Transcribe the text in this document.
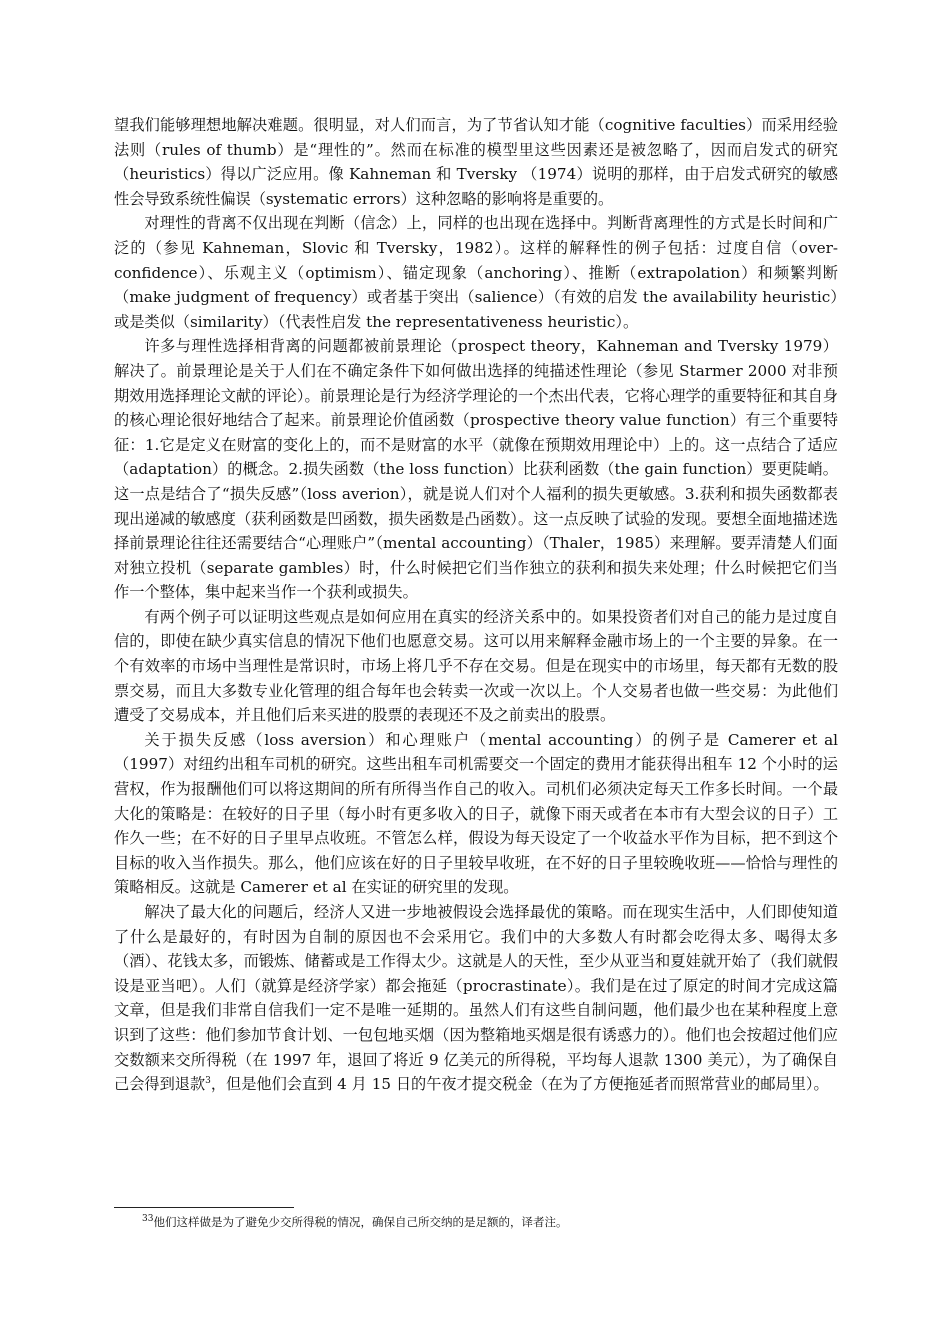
望我们能够理想地解决难题。很明显，对人们而言，为了节省认知才能（cognitive faculties）而采用经验法则（rules of thumb）是“理性的”。然而在标准的模型里这些因素还是被忽略了，因而启发式的研究（heuristics）得以广泛应用。像 Kahneman 和 Tversky （1974）说明的那样，由于启发式研究的敏感性会导致系统性偏误（systematic errors）这种忽略的影响将是重要的。

对理性的背离不仅出现在判断（信念）上，同样的也出现在选择中。判断背离理性的方式是长时间和广泛的（参见 Kahneman，Slovic 和 Tversky，1982）。这样的解释性的例子包括：过度自信（over-confidence）、乐观主义（optimism）、锚定现象（anchoring）、推断（extrapolation）和频繁判断（make judgment of frequency）或者基于突出（salience）（有效的启发 the availability heuristic）或是类似（similarity）（代表性启发 the representativeness heuristic）。

许多与理性选择相背离的问题都被前景理论（prospect theory，Kahneman and Tversky 1979）解决了。前景理论是关于人们在不确定条件下如何做出选择的纯描述性理论（参见 Starmer 2000 对非预期效用选择理论文献的评论）。前景理论是行为经济学理论的一个杰出代表，它将心理学的重要特征和其自身的核心理论很好地结合了起来。前景理论价值函数（prospective theory value function）有三个重要特征：1.它是定义在财富的变化上的，而不是财富的水平（就像在预期效用理论中）上的。这一点结合了适应（adaptation）的概念。2.损失函数（the loss function）比获利函数（the gain function）要更陡峭。这一点是结合了“损失反感”（loss averion），就是说人们对个人福利的损失更敏感。3.获利和损失函数都表现出递减的敏感度（获利函数是凹函数，损失函数是凸函数）。这一点反映了试验的发现。要想全面地描述选择前景理论往往还需要结合“心理账户”（mental accounting）（Thaler，1985）来理解。要弄清楚人们面对独立投机（separate gambles）时，什么时候把它们当作独立的获利和损失来处理；什么时候把它们当作一个整体，集中起来当作一个获利或损失。

有两个例子可以证明这些观点是如何应用在真实的经济关系中的。如果投资者们对自己的能力是过度自信的，即使在缺少真实信息的情况下他们也愿意交易。这可以用来解释金融市场上的一个主要的异象。在一个有效率的市场中当理性是常识时，市场上将几乎不存在交易。但是在现实中的市场里，每天都有无数的股票交易，而且大多数专业化管理的组合每年也会转卖一次或一次以上。个人交易者也做一些交易：为此他们遭受了交易成本，并且他们后来买进的股票的表现还不及之前卖出的股票。

关于损失反感（loss aversion）和心理账户（mental accounting）的例子是 Camerer et al（1997）对纽约出租车司机的研究。这些出租车司机需要交一个固定的费用才能获得出租车 12 个小时的运营权，作为报酬他们可以将这期间的所有所得当作自己的收入。司机们必须决定每天工作多长时间。一个最大化的策略是：在较好的日子里（每小时有更多收入的日子，就像下雨天或者在本市有大型会议的日子）工作久一些；在不好的日子里早点收班。不管怎么样，假设为每天设定了一个收益水平作为目标，把不到这个目标的收入当作损失。那么，他们应该在好的日子里较早收班，在不好的日子里较晚收班——恰恰与理性的策略相反。这就是 Camerer et al 在实证的研究里的发现。

解决了最大化的问题后，经济人又进一步地被假设会选择最优的策略。而在现实生活中，人们即使知道了什么是最好的，有时因为自制的原因也不会采用它。我们中的大多数人有时都会吃得太多、喝得太多（酒）、花钱太多，而锻炼、储蓄或是工作得太少。这就是人的天性，至少从亚当和夏娃就开始了（我们就假设是亚当吧）。人们（就算是经济学家）都会拖延（procrastinate）。我们是在过了原定的时间才完成这篇文章，但是我们非常自信我们一定不是唯一延期的。虽然人们有这些自制问题，他们最少也在某种程度上意识到了这些：他们参加节食计划、一包包地买烟（因为整箱地买烟是很有诱惑力的）。他们也会按超过他们应交数额来交所得税（在 1997 年，退回了将近 9 亿美元的所得税，平均每人退款 1300 美元），为了确保自己会得到退款$^3$，但是他们会直到 4 月 15 日的午夜才提交税金（在为了方便拖延者而照常营业的邮局里）。

$^{33}$他们这样做是为了避免少交所得税的情况，确保自己所交纳的是足额的，译者注。
